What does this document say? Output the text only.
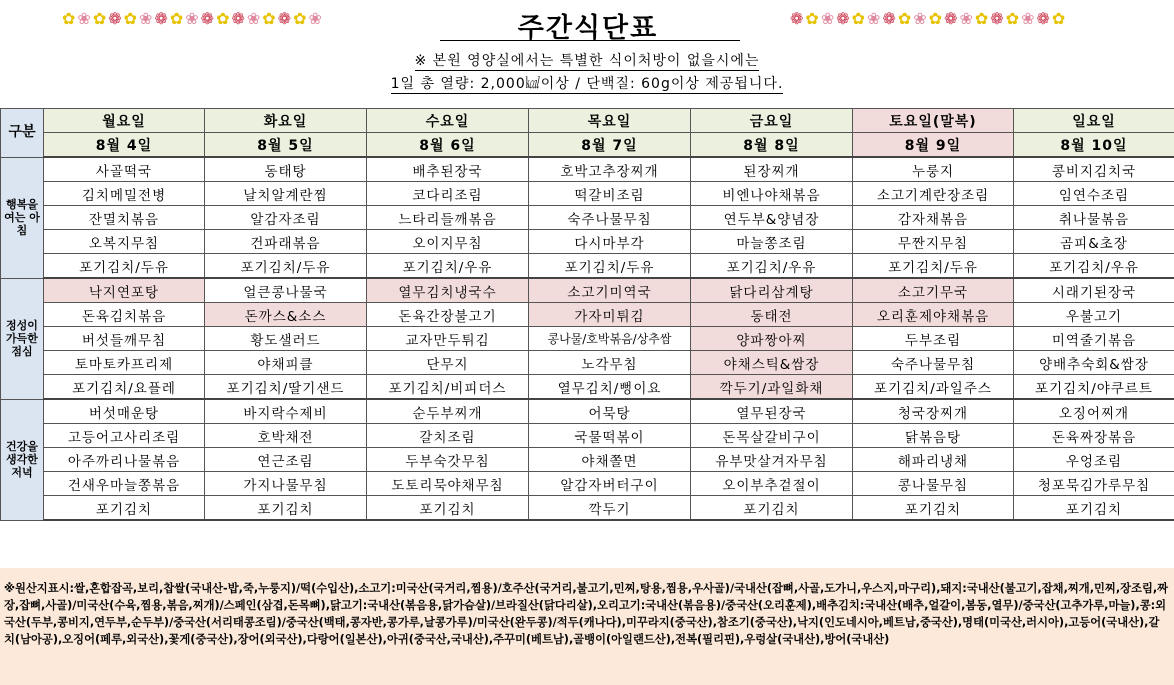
✿ ❀ ✿ ❁ ✿ ❀ ❁ ✿ ❀ ❁ ✿ ❁ ❀ ✿ ❁ ✿ ❀	❁ ✿ ❀ ❁ ✿ ❀ ❁ ✿ ❀ ✿ ❁ ❀ ✿ ❁ ✿ ❀ ❁ ✿
주간식단표
※ 본원 영양실에서는 특별한 식이처방이 없을시에는
1일 총 열량: 2,000㎉이상 / 단백질: 60g이상 제공됩니다.
구분	월요일	화요일	수요일	목요일	금요일	토요일(말복)	일요일
	8월 4일	8월 5일	8월 6일	8월 7일	8월 8일	8월 9일	8월 10일
행복을 여는 아침	사골떡국	동태탕	배추된장국	호박고추장찌개	된장찌개	누룽지	콩비지김치국
	김치메밀전병	날치알계란찜	코다리조림	떡갈비조림	비엔나야채볶음	소고기계란장조림	임연수조림
	잔멸치볶음	알감자조림	느타리들깨볶음	숙주나물무침	연두부&양념장	감자채볶음	취나물볶음
	오복지무침	건파래볶음	오이지무침	다시마부각	마늘쫑조림	무짠지무침	곰피&초장
	포기김치/두유	포기김치/두유	포기김치/우유	포기김치/두유	포기김치/우유	포기김치/두유	포기김치/우유
정성이 가득한 점심	낙지연포탕	얼큰콩나물국	열무김치냉국수	소고기미역국	닭다리삼계탕	소고기무국	시래기된장국
	돈육김치볶음	돈까스&소스	돈육간장불고기	가자미튀김	동태전	오리훈제야채볶음	우불고기
	버섯들깨무침	황도샐러드	교자만두튀김	콩나물/호박볶음/상추쌈	양파짱아찌	두부조림	미역줄기볶음
	토마토카프리제	야채피클	단무지	노각무침	야채스틱&쌈장	숙주나물무침	양배추숙회&쌈장
	포기김치/요플레	포기김치/딸기샌드	포기김치/비피더스	열무김치/뻥이요	깍두기/과일화채	포기김치/과일주스	포기김치/야쿠르트
건강을 생각한 저녁	버섯매운탕	바지락수제비	순두부찌개	어묵탕	열무된장국	청국장찌개	오징어찌개
	고등어고사리조림	호박채전	갈치조림	국물떡볶이	돈목살갈비구이	닭볶음탕	돈육짜장볶음
	아주까리나물볶음	연근조림	두부숙갓무침	야채쫄면	유부맛살겨자무침	해파리냉채	우엉조림
	건새우마늘쫑볶음	가지나물무침	도토리묵야채무침	알감자버터구이	오이부추겉절이	콩나물무침	청포묵김가루무침
	포기김치	포기김치	포기김치	깍두기	포기김치	포기김치	포기김치

※원산지표시:쌀,혼합잡곡,보리,찹쌀(국내산-밥,죽,누룽지)/떡(수입산),소고기:미국산(국거리,찜용)/호주산(국거리,불고기,민찌,탕용,찜용,우사골)/국내산(잡뼈,사골,도가니,우스지,마구리),돼지:국내산(불고기,잡채,찌개,민찌,장조림,짜장,잡뼈,사골)/미국산(수육,찜용,볶음,찌개)/스페인(삼겹,돈목뼈),닭고기:국내산(볶음용,닭가슴살)/브라질산(닭다리살),오리고기:국내산(볶음용)/중국산(오리훈제),배추김치:국내산(배추,얼갈이,봄동,열무)/중국산(고추가루,마늘),콩:외국산(두부,콩비지,연두부,순두부)/중국산(서리태콩조림)/중국산(백태,콩자반,콩가루,날콩가루)/미국산(완두콩)/적두(캐나다),미꾸라지(중국산),참조기(중국산),낙지(인도네시아,베트남,중국산),명태(미국산,러시아),고등어(국내산),갈치(남아공),오징어(페루,외국산),꽃게(중국산),장어(외국산),다랑어(일본산),아귀(중국산,국내산),주꾸미(베트남),골뱅이(아일랜드산),전복(필리핀),우렁살(국내산),방어(국내산)
